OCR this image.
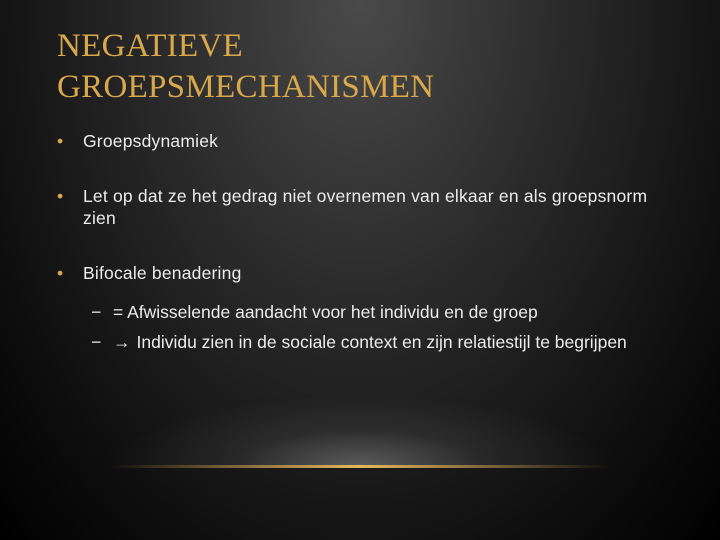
NEGATIEVE
GROEPSMECHANISMEN
•	Groepsdynamiek
•	Let op dat ze het gedrag niet overnemen van elkaar en als groepsnorm zien
•	Bifocale benadering
− = Afwisselende aandacht voor het individu en de groep
− → Individu zien in de sociale context en zijn relatiestijl te begrijpen
